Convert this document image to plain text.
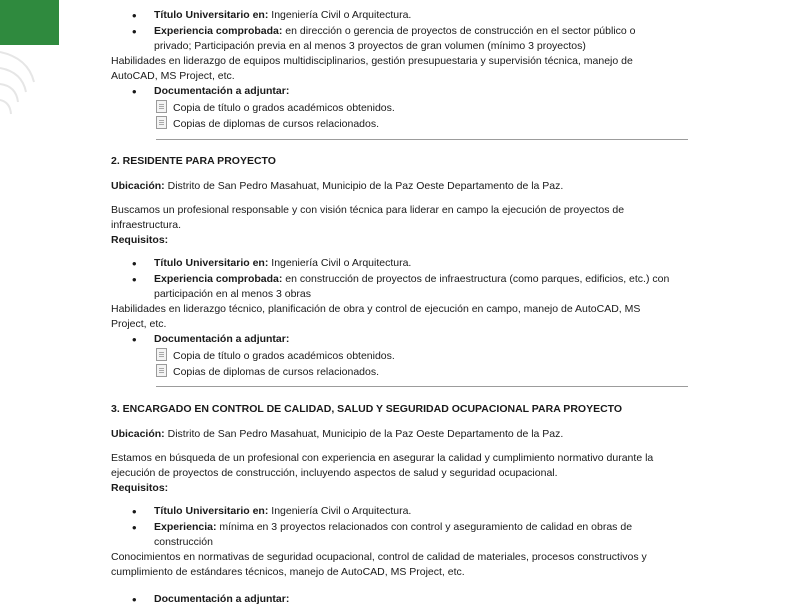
• Título Universitario en: Ingeniería Civil o Arquitectura.
• Experiencia comprobada: en dirección o gerencia de proyectos de construcción en el sector público o
privado; Participación previa en al menos 3 proyectos de gran volumen (mínimo 3 proyectos)
Habilidades en liderazgo de equipos multidisciplinarios, gestión presupuestaria y supervisión técnica, manejo de
AutoCAD, MS Project, etc.
• Documentación a adjuntar:
Copia de título o grados académicos obtenidos.
Copias de diplomas de cursos relacionados.
2. RESIDENTE PARA PROYECTO
Ubicación: Distrito de San Pedro Masahuat, Municipio de la Paz Oeste Departamento de la Paz.
Buscamos un profesional responsable y con visión técnica para liderar en campo la ejecución de proyectos de
infraestructura.
Requisitos:
• Título Universitario en: Ingeniería Civil o Arquitectura.
• Experiencia comprobada: en construcción de proyectos de infraestructura (como parques, edificios, etc.) con
participación en al menos 3 obras
Habilidades en liderazgo técnico, planificación de obra y control de ejecución en campo, manejo de AutoCAD, MS
Project, etc.
• Documentación a adjuntar:
Copia de título o grados académicos obtenidos.
Copias de diplomas de cursos relacionados.
3. ENCARGADO EN CONTROL DE CALIDAD, SALUD Y SEGURIDAD OCUPACIONAL PARA PROYECTO
Ubicación: Distrito de San Pedro Masahuat, Municipio de la Paz Oeste Departamento de la Paz.
Estamos en búsqueda de un profesional con experiencia en asegurar la calidad y cumplimiento normativo durante la
ejecución de proyectos de construcción, incluyendo aspectos de salud y seguridad ocupacional.
Requisitos:
• Título Universitario en: Ingeniería Civil o Arquitectura.
• Experiencia: mínima en 3 proyectos relacionados con control y aseguramiento de calidad en obras de
construcción
Conocimientos en normativas de seguridad ocupacional, control de calidad de materiales, procesos constructivos y
cumplimiento de estándares técnicos, manejo de AutoCAD, MS Project, etc.
• Documentación a adjuntar:
